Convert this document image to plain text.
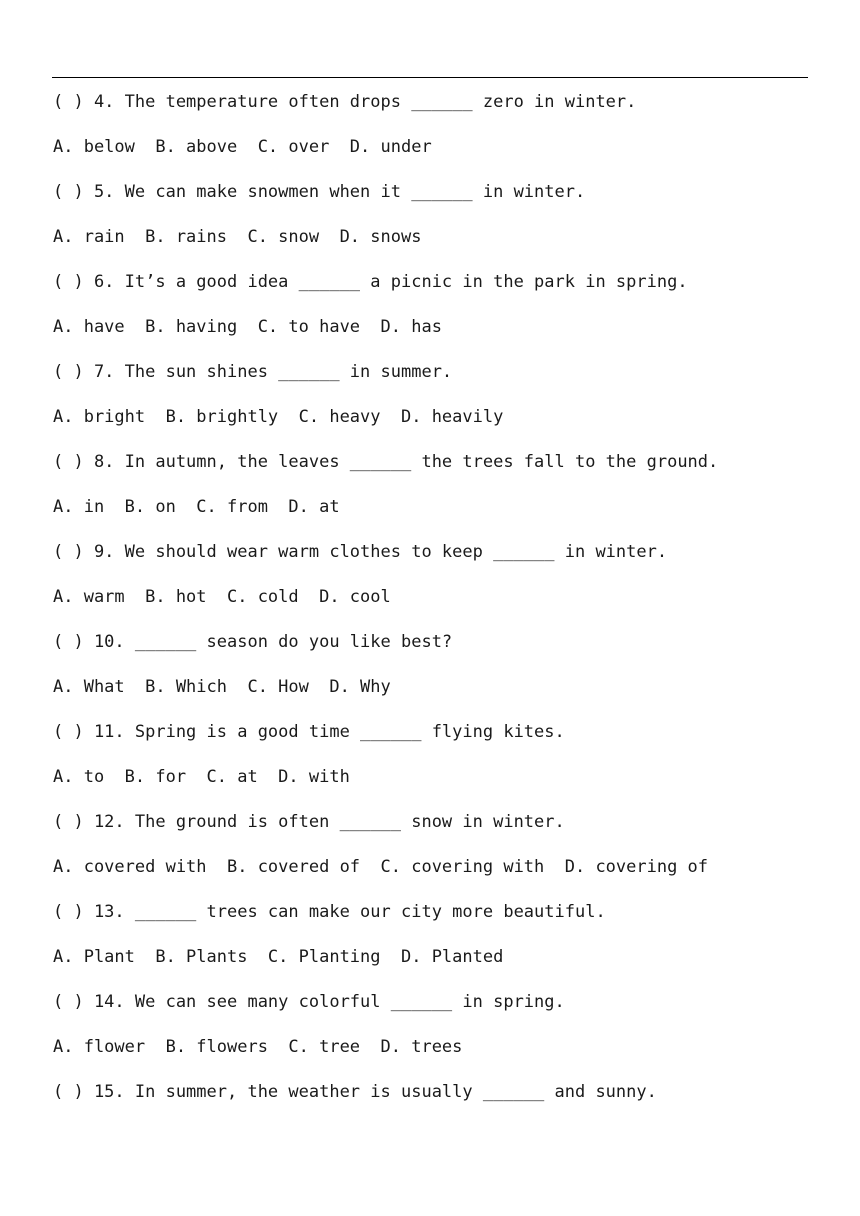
( ) 4. The temperature often drops ______ zero in winter.
A. below  B. above  C. over  D. under
( ) 5. We can make snowmen when it ______ in winter.
A. rain  B. rains  C. snow  D. snows
( ) 6. It’s a good idea ______ a picnic in the park in spring.
A. have  B. having  C. to have  D. has
( ) 7. The sun shines ______ in summer.
A. bright  B. brightly  C. heavy  D. heavily
( ) 8. In autumn, the leaves ______ the trees fall to the ground.
A. in  B. on  C. from  D. at
( ) 9. We should wear warm clothes to keep ______ in winter.
A. warm  B. hot  C. cold  D. cool
( ) 10. ______ season do you like best?
A. What  B. Which  C. How  D. Why
( ) 11. Spring is a good time ______ flying kites.
A. to  B. for  C. at  D. with
( ) 12. The ground is often ______ snow in winter.
A. covered with  B. covered of  C. covering with  D. covering of
( ) 13. ______ trees can make our city more beautiful.
A. Plant  B. Plants  C. Planting  D. Planted
( ) 14. We can see many colorful ______ in spring.
A. flower  B. flowers  C. tree  D. trees
( ) 15. In summer, the weather is usually ______ and sunny.
